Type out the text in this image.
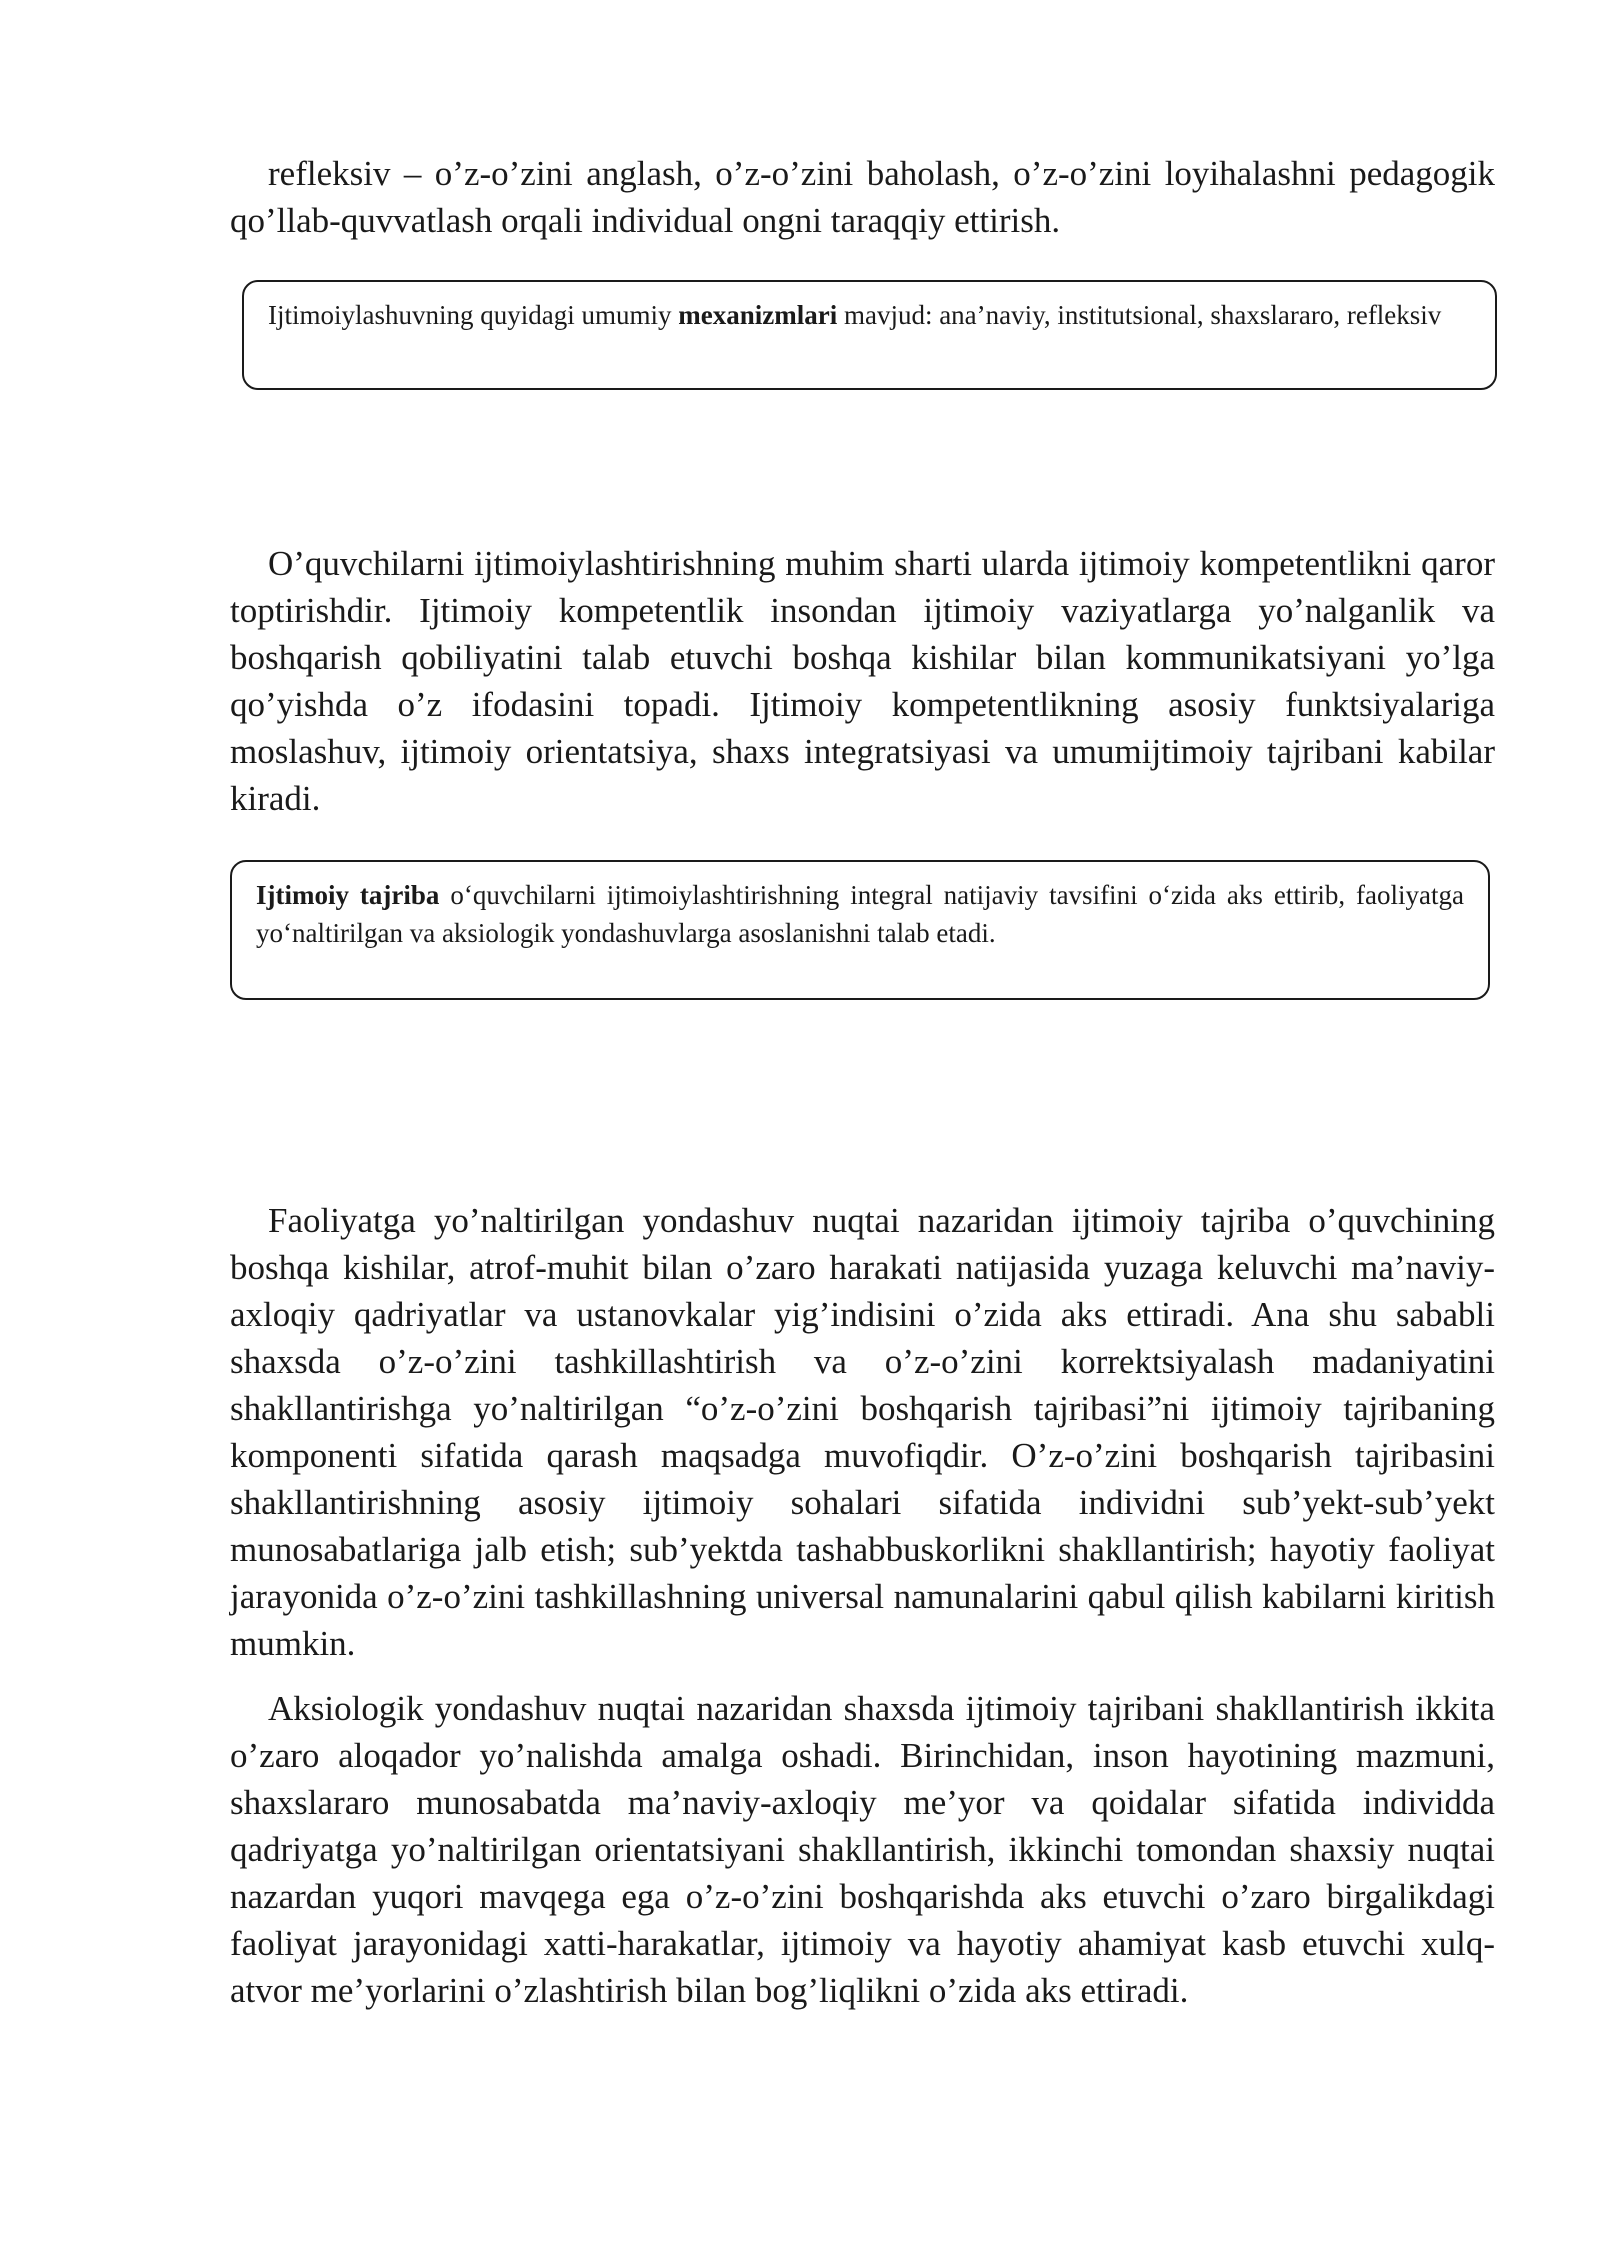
refleksiv – o’z-o’zini anglash, o’z-o’zini baholash, o’z-o’zini loyihalashni pedagogik qo’llab-quvvatlash orqali individual ongni taraqqiy ettirish.

Ijtimoiylashuvning quyidagi umumiy mexanizmlari mavjud: ana’naviy, institutsional, shaxslararo, refleksiv

O’quvchilarni ijtimoiylashtirishning muhim sharti ularda ijtimoiy kompetentlikni qaror toptirishdir. Ijtimoiy kompetentlik insondan ijtimoiy vaziyatlarga yo’nalganlik va boshqarish qobiliyatini talab etuvchi boshqa kishilar bilan kommunikatsiyani yo’lga qo’yishda o’z ifodasini topadi. Ijtimoiy kompetentlikning asosiy funktsiyalariga moslashuv, ijtimoiy orientatsiya, shaxs integratsiyasi va umumijtimoiy tajribani kabilar kiradi.

Ijtimoiy tajriba o‘quvchilarni ijtimoiylashtirishning integral natijaviy tavsifini o‘zida aks ettirib, faoliyatga yo‘naltirilgan va aksiologik yondashuvlarga asoslanishni talab etadi.

Faoliyatga yo’naltirilgan yondashuv nuqtai nazaridan ijtimoiy tajriba o’quvchining boshqa kishilar, atrof-muhit bilan o’zaro harakati natijasida yuzaga keluvchi ma’naviy-axloqiy qadriyatlar va ustanovkalar yig’indisini o’zida aks ettiradi. Ana shu sababli shaxsda o’z-o’zini tashkillashtirish va o’z-o’zini korrektsiyalash madaniyatini shakllantirishga yo’naltirilgan “o’z-o’zini boshqarish tajribasi”ni ijtimoiy tajribaning komponenti sifatida qarash maqsadga muvofiqdir. O’z-o’zini boshqarish tajribasini shakllantirishning asosiy ijtimoiy sohalari sifatida individni sub’yekt-sub’yekt munosabatlariga jalb etish; sub’yektda tashabbuskorlikni shakllantirish; hayotiy faoliyat jarayonida o’z-o’zini tashkillashning universal namunalarini qabul qilish kabilarni kiritish mumkin.

Aksiologik yondashuv nuqtai nazaridan shaxsda ijtimoiy tajribani shakllantirish ikkita o’zaro aloqador yo’nalishda amalga oshadi. Birinchidan, inson hayotining mazmuni, shaxslararo munosabatda ma’naviy-axloqiy me’yor va qoidalar sifatida individda qadriyatga yo’naltirilgan orientatsiyani shakllantirish, ikkinchi tomondan shaxsiy nuqtai nazardan yuqori mavqega ega o’z-o’zini boshqarishda aks etuvchi o’zaro birgalikdagi faoliyat jarayonidagi xatti-harakatlar, ijtimoiy va hayotiy ahamiyat kasb etuvchi xulq-atvor me’yorlarini o’zlashtirish bilan bog’liqlikni o’zida aks ettiradi.
